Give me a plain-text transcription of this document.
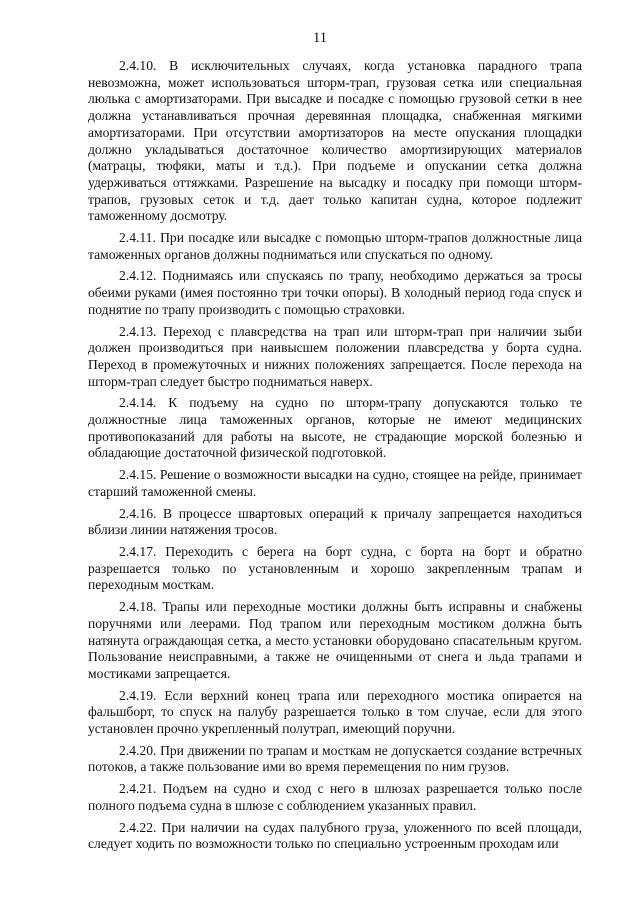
11

2.4.10. В исключительных случаях, когда установка парадного трапа невозможна, может использоваться шторм-трап, грузовая сетка или специальная люлька с амортизаторами. При высадке и посадке с помощью грузовой сетки в нее должна устанавливаться прочная деревянная площадка, снабженная мягкими амортизаторами. При отсутствии амортизаторов на месте опускания площадки должно укладываться достаточное количество амортизирующих материалов (матрацы, тюфяки, маты и т.д.). При подъеме и опускании сетка должна удерживаться оттяжками. Разрешение на высадку и посадку при помощи шторм-трапов, грузовых сеток и т.д. дает только капитан судна, которое подлежит таможенному досмотру.

2.4.11. При посадке или высадке с помощью шторм-трапов должностные лица таможенных органов должны подниматься или спускаться по одному.

2.4.12. Поднимаясь или спускаясь по трапу, необходимо держаться за тросы обеими руками (имея постоянно три точки опоры). В холодный период года спуск и поднятие по трапу производить с помощью страховки.

2.4.13. Переход с плавсредства на трап или шторм-трап при наличии зыби должен производиться при наивысшем положении плавсредства у борта судна. Переход в промежуточных и нижних положениях запрещается. После перехода на шторм-трап следует быстро подниматься наверх.

2.4.14. К подъему на судно по шторм-трапу допускаются только те должностные лица таможенных органов, которые не имеют медицинских противопоказаний для работы на высоте, не страдающие морской болезнью и обладающие достаточной физической подготовкой.

2.4.15. Решение о возможности высадки на судно, стоящее на рейде, принимает старший таможенной смены.

2.4.16. В процессе швартовых операций к причалу запрещается находиться вблизи линии натяжения тросов.

2.4.17. Переходить с берега на борт судна, с борта на борт и обратно разрешается только по установленным и хорошо закрепленным трапам и переходным мосткам.

2.4.18. Трапы или переходные мостики должны быть исправны и снабжены поручнями или леерами. Под трапом или переходным мостиком должна быть натянута ограждающая сетка, а место установки оборудовано спасательным кругом. Пользование неисправными, а также не очищенными от снега и льда трапами и мостиками запрещается.

2.4.19. Если верхний конец трапа или переходного мостика опирается на фальшборт, то спуск на палубу разрешается только в том случае, если для этого установлен прочно укрепленный полутрап, имеющий поручни.

2.4.20. При движении по трапам и мосткам не допускается создание встречных потоков, а также пользование ими во время перемещения по ним грузов.

2.4.21. Подъем на судно и сход с него в шлюзах разрешается только после полного подъема судна в шлюзе с соблюдением указанных правил.

2.4.22. При наличии на судах палубного груза, уложенного по всей площади, следует ходить по возможности только по специально устроенным проходам или
